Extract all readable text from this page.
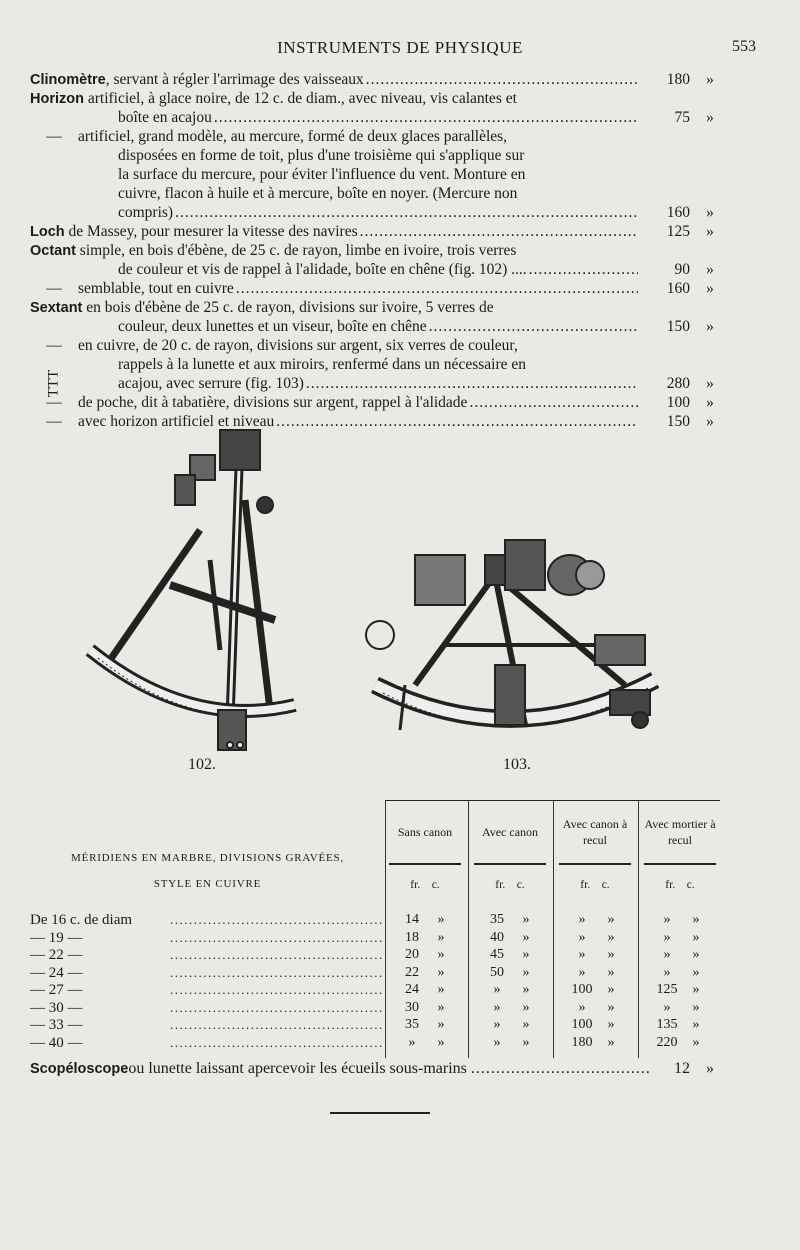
INSTRUMENTS DE PHYSIQUE	553
Clinomètre, servant à régler l'arrimage des vaisseaux .....	180	»
Horizon artificiel, à glace noire, de 12 c. de diam., avec niveau, vis calantes et
boîte en acajou .....	75	»
— artificiel, grand modèle, au mercure, formé de deux glaces parallèles,
disposées en forme de toit, plus d'une troisième qui s'applique sur
la surface du mercure, pour éviter l'influence du vent. Monture en
cuivre, flacon à huile et à mercure, boîte en noyer. (Mercure non
compris) .....	160	»
Loch de Massey, pour mesurer la vitesse des navires .....	125	»
Octant simple, en bois d'ébène, de 25 c. de rayon, limbe en ivoire, trois verres
de couleur et vis de rappel à l'alidade, boîte en chêne (fig. 102) .... .....	90	»
— semblable, tout en cuivre .....	160	»
Sextant en bois d'ébène de 25 c. de rayon, divisions sur ivoire, 5 verres de
couleur, deux lunettes et un viseur, boîte en chêne .....	150	»
— en cuivre, de 20 c. de rayon, divisions sur argent, six verres de couleur,
rappels à la lunette et aux miroirs, renfermé dans un nécessaire en
acajou, avec serrure (fig. 103) .....	280	»
— de poche, dit à tabatière, divisions sur argent, rappel à l'alidade .....	100	»
— avec horizon artificiel et niveau .....	150	»
TTT
102.	103.
MÉRIDIENS EN MARBRE, DIVISIONS GRAVÉES,
STYLE EN CUIVRE
Sans canon
fr. c.
Avec canon
fr. c.
Avec canon à recul
fr. c.
Avec mortier à recul
fr. c.
De 16 c. de diam .....	14	»	35	»	»	»	»	»
— 19 — .....	18	»	40	»	»	»	»	»
— 22 — .....	20	»	45	»	»	»	»	»
— 24 — .....	22	»	50	»	»	»	»	»
— 27 — .....	24	»	»	»	100	»	125	»
— 30 — .....	30	»	»	»	»	»	»	»
— 33 — .....	35	»	»	»	100	»	135	»
— 40 — .....	»	»	»	»	180	»	220	»
Scopéloscope ou lunette laissant apercevoir les écueils sous-marins .....	12	»
